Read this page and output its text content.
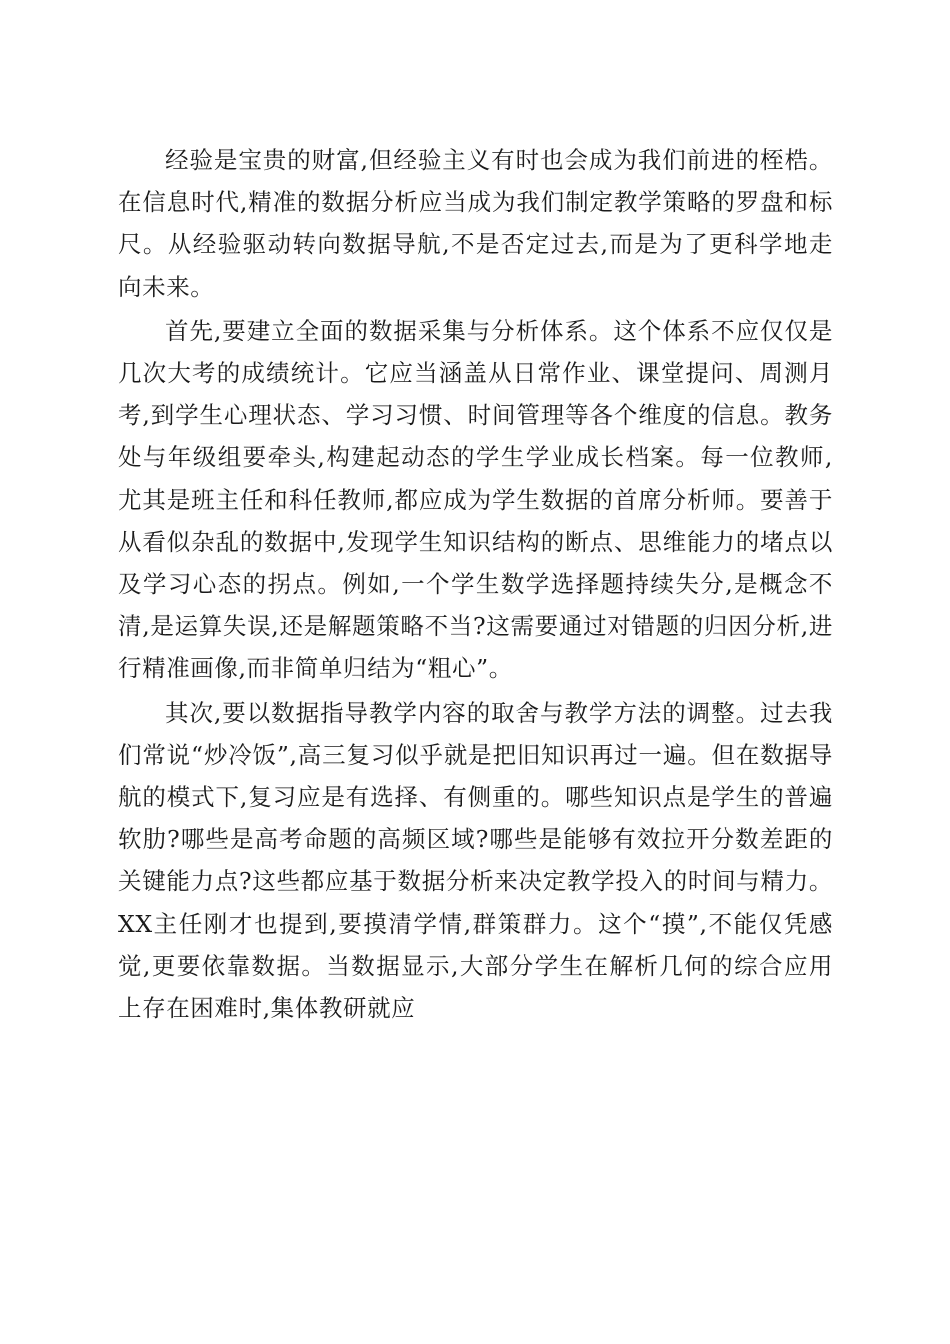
经验是宝贵的财富,但经验主义有时也会成为我们前进的桎梏。在信息时代,精准的数据分析应当成为我们制定教学策略的罗盘和标尺。从经验驱动转向数据导航,不是否定过去,而是为了更科学地走向未来。

首先,要建立全面的数据采集与分析体系。这个体系不应仅仅是几次大考的成绩统计。它应当涵盖从日常作业、课堂提问、周测月考,到学生心理状态、学习习惯、时间管理等各个维度的信息。教务处与年级组要牵头,构建起动态的学生学业成长档案。每一位教师,尤其是班主任和科任教师,都应成为学生数据的首席分析师。要善于从看似杂乱的数据中,发现学生知识结构的断点、思维能力的堵点以及学习心态的拐点。例如,一个学生数学选择题持续失分,是概念不清,是运算失误,还是解题策略不当?这需要通过对错题的归因分析,进行精准画像,而非简单归结为“粗心”。

其次,要以数据指导教学内容的取舍与教学方法的调整。过去我们常说“炒冷饭”,高三复习似乎就是把旧知识再过一遍。但在数据导航的模式下,复习应是有选择、有侧重的。哪些知识点是学生的普遍软肋?哪些是高考命题的高频区域?哪些是能够有效拉开分数差距的关键能力点?这些都应基于数据分析来决定教学投入的时间与精力。XX主任刚才也提到,要摸清学情,群策群力。这个“摸”,不能仅凭感觉,更要依靠数据。当数据显示,大部分学生在解析几何的综合应用上存在困难时,集体教研就应
